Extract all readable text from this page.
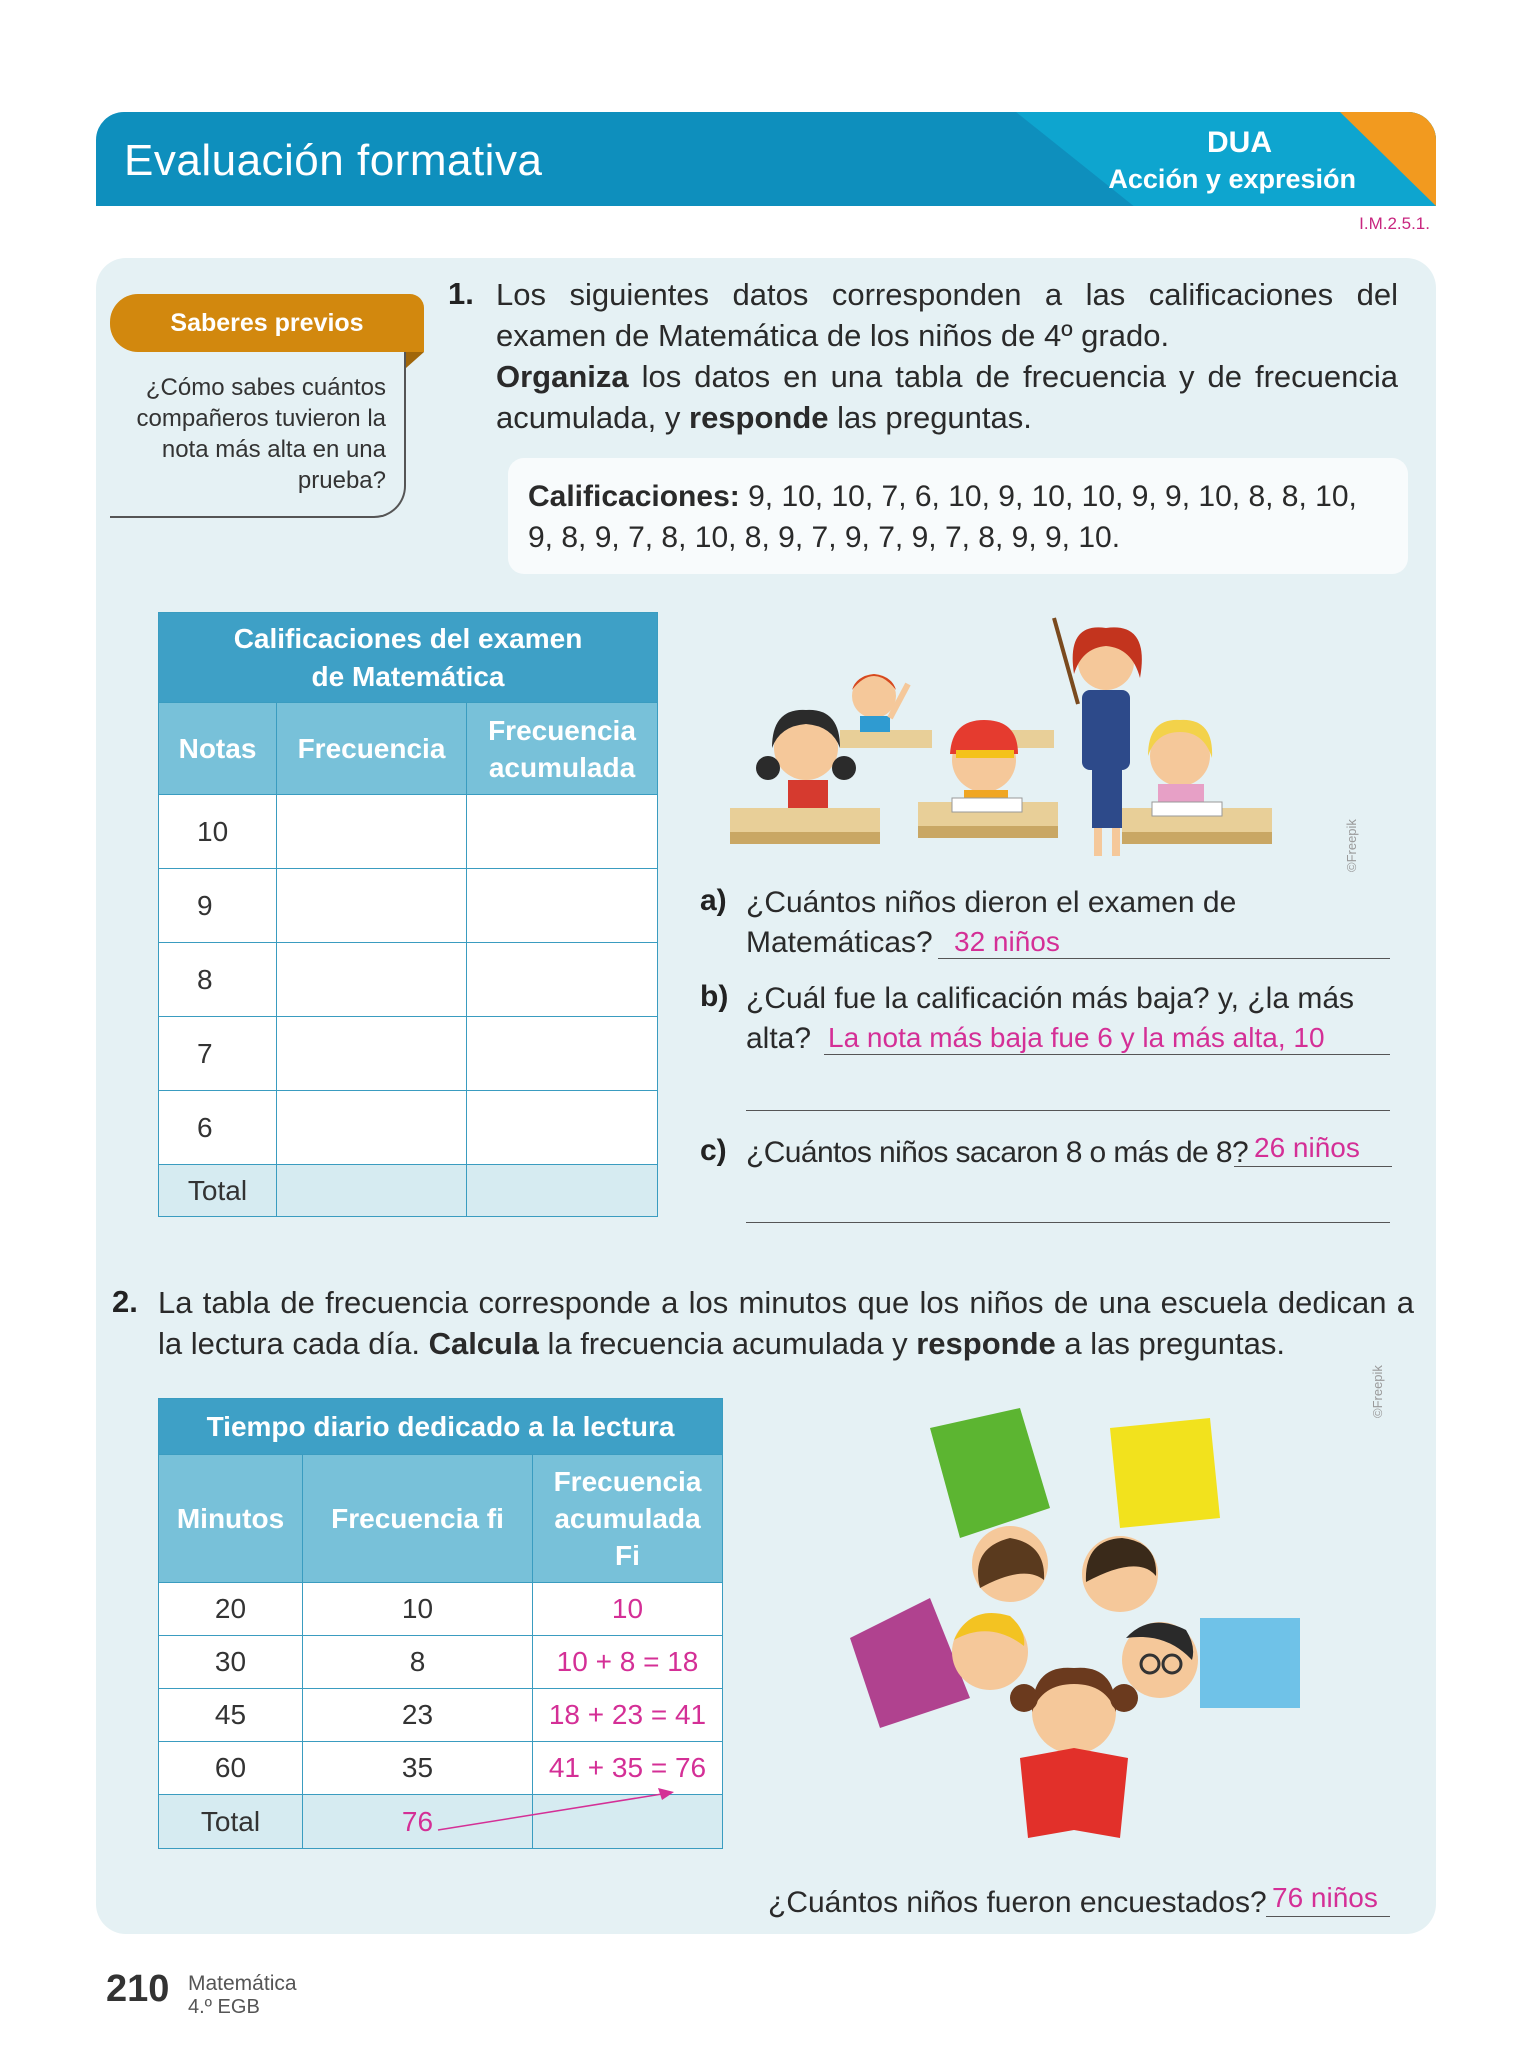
Evaluación formativa	DUA
Acción y expresión
I.M.2.5.1.
Saberes previos
¿Cómo sabes cuántos compañeros tuvieron la nota más alta en una prueba?
1. Los siguientes datos corresponden a las calificaciones del examen de Matemática de los niños de 4º grado.
Organiza los datos en una tabla de frecuencia y de frecuencia acumulada, y responde las preguntas.
Calificaciones: 9, 10, 10, 7, 6, 10, 9, 10, 10, 9, 9, 10, 8, 8, 10, 9, 8, 9, 7, 8, 10, 8, 9, 7, 9, 7, 9, 7, 8, 9, 9, 10.
Calificaciones del examen
de Matemática		
Notas	Frecuencia	Frecuencia
acumulada
10		
9		
8		
7		
6		
Total		
©Freepik
a) ¿Cuántos niños dieron el examen de
Matemáticas? 32 niños
b) ¿Cuál fue la calificación más baja? y, ¿la más
alta? La nota más baja fue 6 y la más alta, 10
c) ¿Cuántos niños sacaron 8 o más de 8? 26 niños
2. La tabla de frecuencia corresponde a los minutos que los niños de una escuela dedican a la lectura cada día. Calcula la frecuencia acumulada y responde a las preguntas.
Tiempo diario dedicado a la lectura		
Minutos	Frecuencia fi	Frecuencia
acumulada
Fi
20	10	10
30	8	10 + 8 = 18
45	23	18 + 23 = 41
60	35	41 + 35 = 76
Total	76	
©Freepik
¿Cuántos niños fueron encuestados? 76 niños
210 Matemática
4.º EGB
